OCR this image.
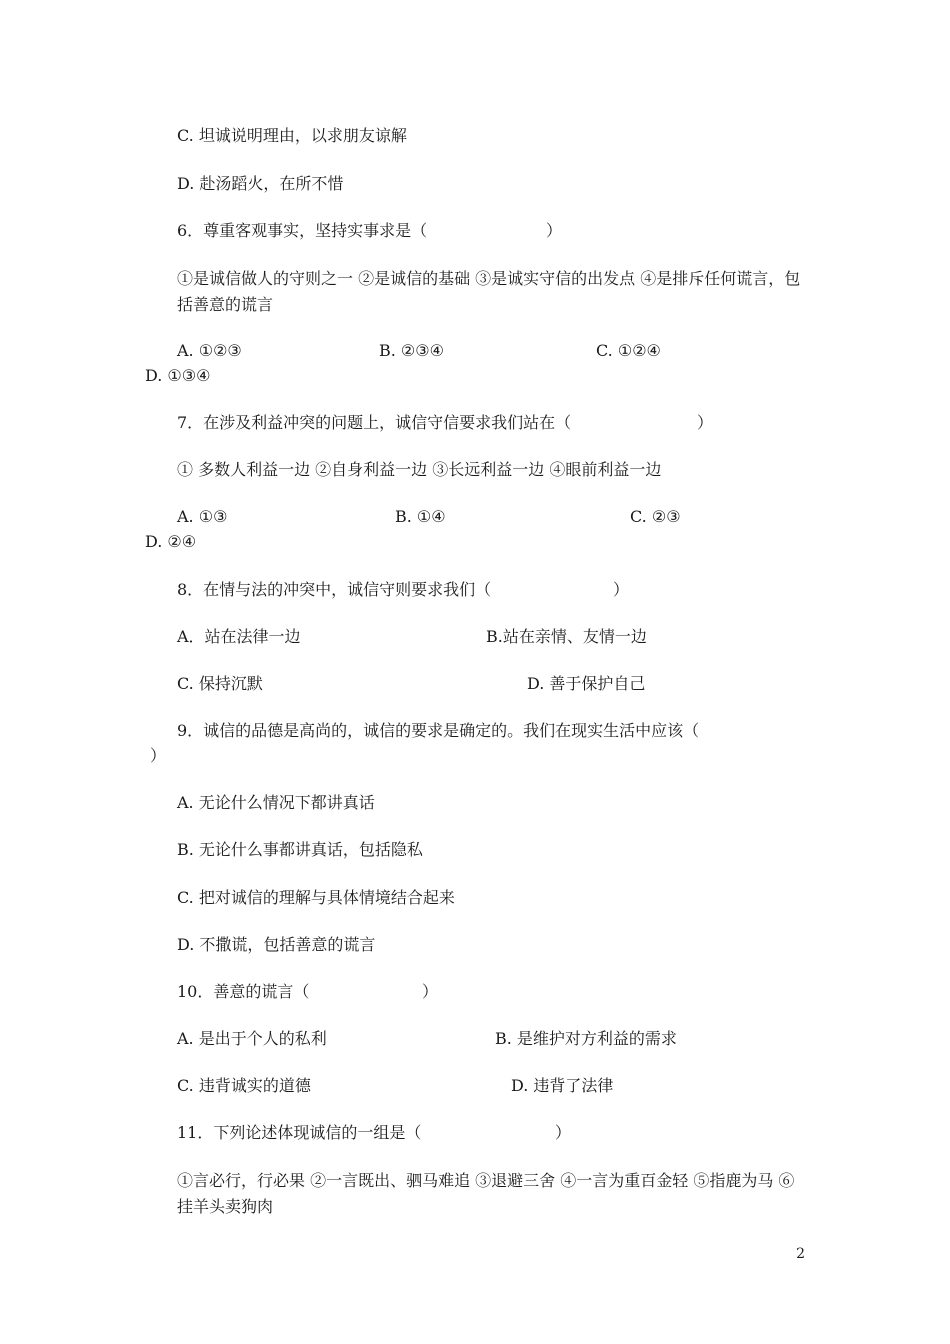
C. 坦诚说明理由，以求朋友谅解
D. 赴汤蹈火，在所不惜
6．尊重客观事实，坚持实事求是（	）
①是诚信做人的守则之一 ②是诚信的基础 ③是诚实守信的出发点 ④是排斥任何谎言，包括善意的谎言
A. ①②③	B. ②③④	C. ①②④
D. ①③④
7．在涉及利益冲突的问题上，诚信守信要求我们站在（	）
① 多数人利益一边 ②自身利益一边 ③长远利益一边 ④眼前利益一边
A. ①③	B. ①④	C. ②③
D. ②④
8．在情与法的冲突中，诚信守则要求我们（	）
A．站在法律一边	B.站在亲情、友情一边
C. 保持沉默	D. 善于保护自己
9．诚信的品德是高尚的，诚信的要求是确定的。我们在现实生活中应该（
）
A. 无论什么情况下都讲真话
B. 无论什么事都讲真话，包括隐私
C. 把对诚信的理解与具体情境结合起来
D. 不撒谎，包括善意的谎言
10．善意的谎言（	）
A. 是出于个人的私利	B. 是维护对方利益的需求
C. 违背诚实的道德	D. 违背了法律
11．下列论述体现诚信的一组是（	）
①言必行，行必果 ②一言既出、驷马难追 ③退避三舍 ④一言为重百金轻 ⑤指鹿为马 ⑥挂羊头卖狗肉
2
